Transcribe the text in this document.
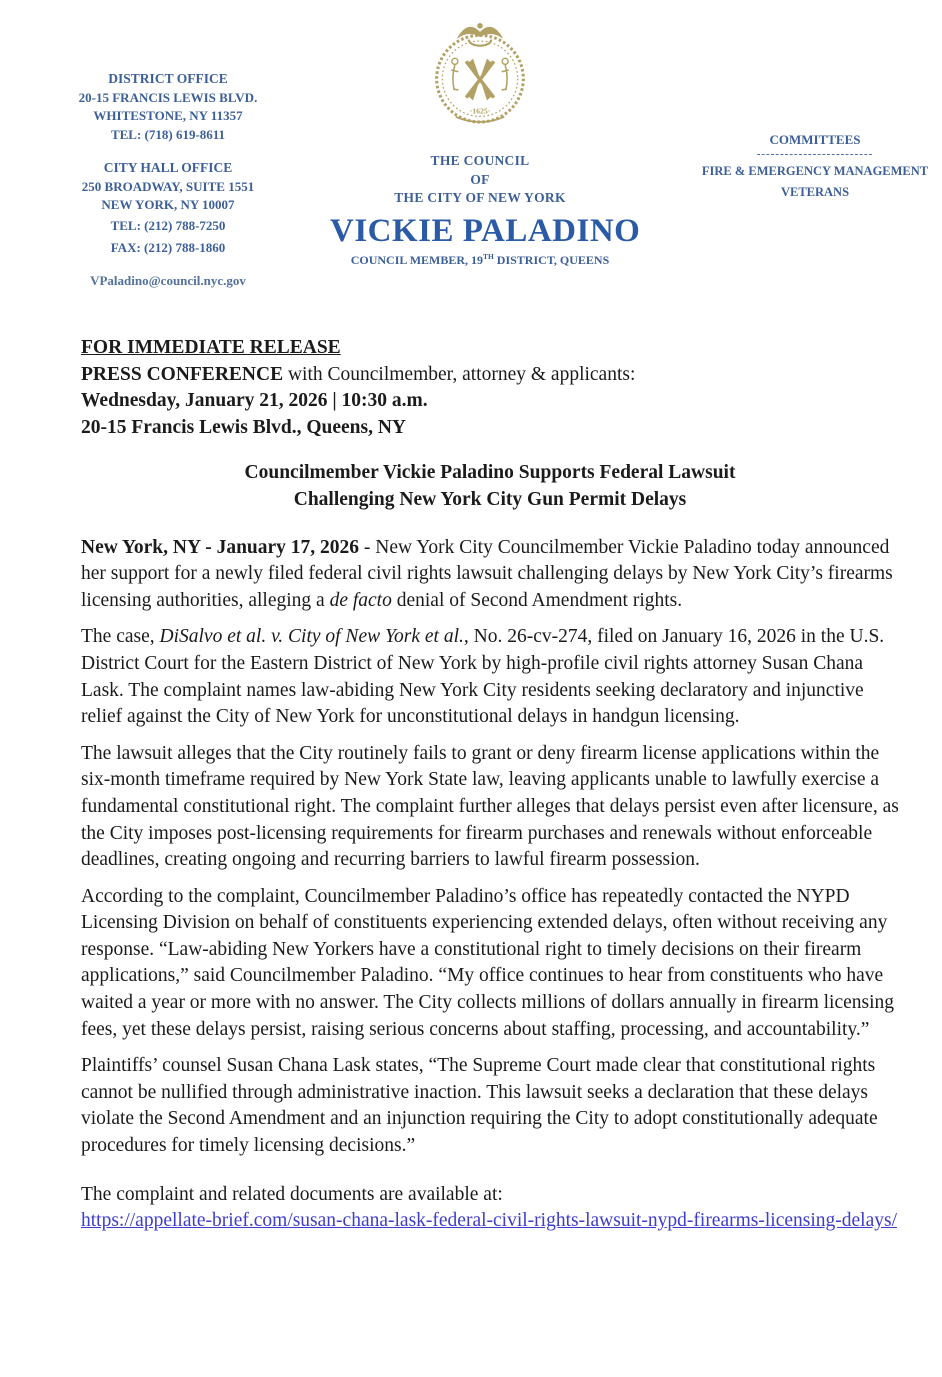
DISTRICT OFFICE
20-15 FRANCIS LEWIS BLVD.
WHITESTONE, NY 11357
TEL: (718) 619-8611
CITY HALL OFFICE
250 BROADWAY, SUITE 1551
NEW YORK, NY 10007
TEL: (212) 788-7250
FAX: (212) 788-1860
VPaladino@council.nyc.gov
·1625·
THE COUNCIL
OF
THE CITY OF NEW YORK
VICKIE PALADINO
COUNCIL MEMBER, 19TH DISTRICT, QUEENS
COMMITTEES
-------------------------
FIRE & EMERGENCY MANAGEMENT
VETERANS
FOR IMMEDIATE RELEASE
PRESS CONFERENCE with Councilmember, attorney & applicants:
Wednesday, January 21, 2026 | 10:30 a.m.
20-15 Francis Lewis Blvd., Queens, NY
Councilmember Vickie Paladino Supports Federal Lawsuit
Challenging New York City Gun Permit Delays

New York, NY - January 17, 2026 - New York City Councilmember Vickie Paladino today announced her support for a newly filed federal civil rights lawsuit challenging delays by New York City’s firearms licensing authorities, alleging a de facto denial of Second Amendment rights.

The case, DiSalvo et al. v. City of New York et al., No. 26-cv-274, filed on January 16, 2026 in the U.S. District Court for the Eastern District of New York by high-profile civil rights attorney Susan Chana Lask. The complaint names law-abiding New York City residents seeking declaratory and injunctive relief against the City of New York for unconstitutional delays in handgun licensing.

The lawsuit alleges that the City routinely fails to grant or deny firearm license applications within the six-month timeframe required by New York State law, leaving applicants unable to lawfully exercise a fundamental constitutional right. The complaint further alleges that delays persist even after licensure, as the City imposes post-licensing requirements for firearm purchases and renewals without enforceable deadlines, creating ongoing and recurring barriers to lawful firearm possession.

According to the complaint, Councilmember Paladino’s office has repeatedly contacted the NYPD Licensing Division on behalf of constituents experiencing extended delays, often without receiving any response. “Law-abiding New Yorkers have a constitutional right to timely decisions on their firearm applications,” said Councilmember Paladino. “My office continues to hear from constituents who have waited a year or more with no answer. The City collects millions of dollars annually in firearm licensing fees, yet these delays persist, raising serious concerns about staffing, processing, and accountability.”

Plaintiffs’ counsel Susan Chana Lask states, “The Supreme Court made clear that constitutional rights cannot be nullified through administrative inaction. This lawsuit seeks a declaration that these delays violate the Second Amendment and an injunction requiring the City to adopt constitutionally adequate procedures for timely licensing decisions.”

The complaint and related documents are available at:
https://appellate-brief.com/susan-chana-lask-federal-civil-rights-lawsuit-nypd-firearms-licensing-delays/
